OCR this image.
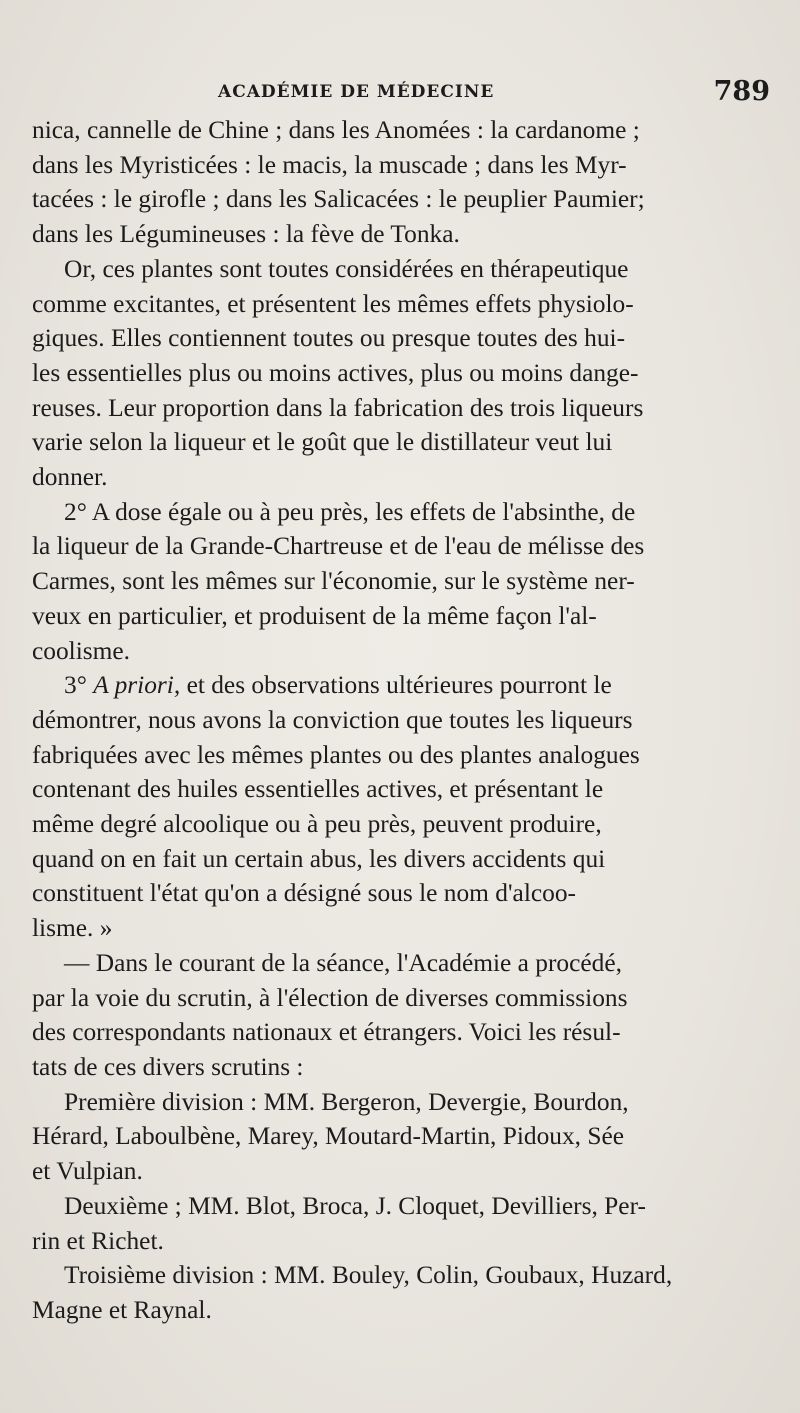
ACADÉMIE DE MÉDECINE	789

nica, cannelle de Chine ; dans les Anomées : la cardanome ;
dans les Myristicées : le macis, la muscade ; dans les Myr-
tacées : le girofle ; dans les Salicacées : le peuplier Paumier;
dans les Légumineuses : la fève de Tonka.

Or, ces plantes sont toutes considérées en thérapeutique
comme excitantes, et présentent les mêmes effets physiolo-
giques. Elles contiennent toutes ou presque toutes des hui-
les essentielles plus ou moins actives, plus ou moins dange-
reuses. Leur proportion dans la fabrication des trois liqueurs
varie selon la liqueur et le goût que le distillateur veut lui
donner.

2° A dose égale ou à peu près, les effets de l'absinthe, de
la liqueur de la Grande-Chartreuse et de l'eau de mélisse des
Carmes, sont les mêmes sur l'économie, sur le système ner-
veux en particulier, et produisent de la même façon l'al-
coolisme.

3° A priori, et des observations ultérieures pourront le
démontrer, nous avons la conviction que toutes les liqueurs
fabriquées avec les mêmes plantes ou des plantes analogues
contenant des huiles essentielles actives, et présentant le
même degré alcoolique ou à peu près, peuvent produire,
quand on en fait un certain abus, les divers accidents qui
constituent l'état qu'on a désigné sous le nom d'alcoo-
lisme. »

— Dans le courant de la séance, l'Académie a procédé,
par la voie du scrutin, à l'élection de diverses commissions
des correspondants nationaux et étrangers. Voici les résul-
tats de ces divers scrutins :

Première division : MM. Bergeron, Devergie, Bourdon,
Hérard, Laboulbène, Marey, Moutard-Martin, Pidoux, Sée
et Vulpian.

Deuxième ; MM. Blot, Broca, J. Cloquet, Devilliers, Per-
rin et Richet.

Troisième division : MM. Bouley, Colin, Goubaux, Huzard,
Magne et Raynal.
